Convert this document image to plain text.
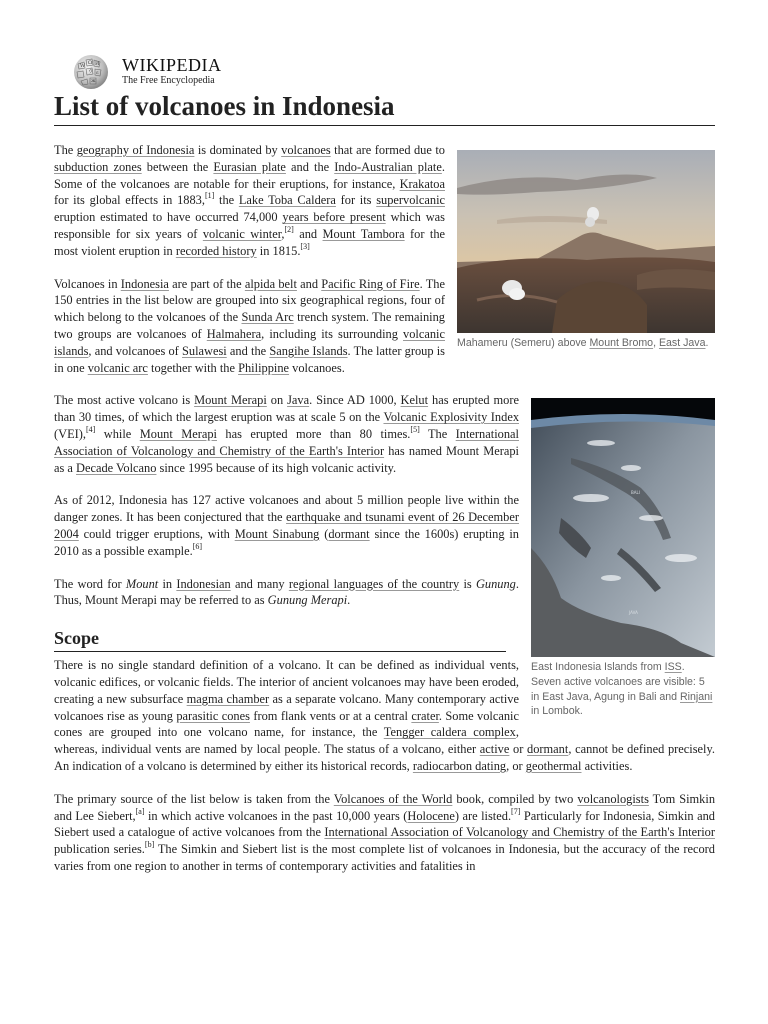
W Ω И
ウ ε
ж
WIKIPEDIA
The Free Encyclopedia
List of volcanoes in Indonesia
Mahameru (Semeru) above Mount Bromo, East Java.

The geography of Indonesia is dominated by volcanoes that are formed due to subduction zones between the Eurasian plate and the Indo-Australian plate. Some of the volcanoes are notable for their eruptions, for instance, Krakatoa for its global effects in 1883,[1] the Lake Toba Caldera for its supervolcanic eruption estimated to have occurred 74,000 years before present which was responsible for six years of volcanic winter,[2] and Mount Tambora for the most violent eruption in recorded history in 1815.[3]

Volcanoes in Indonesia are part of the alpida belt and Pacific Ring of Fire. The 150 entries in the list below are grouped into six geographical regions, four of which belong to the volcanoes of the Sunda Arc trench system. The remaining two groups are volcanoes of Halmahera, including its surrounding volcanic islands, and volcanoes of Sulawesi and the Sangihe Islands. The latter group is in one volcanic arc together with the Philippine volcanoes.

BALI
JAVA
East Indonesia Islands from ISS. Seven active volcanoes are visible: 5 in East Java, Agung in Bali and Rinjani in Lombok.

The most active volcano is Mount Merapi on Java. Since AD 1000, Kelut has erupted more than 30 times, of which the largest eruption was at scale 5 on the Volcanic Explosivity Index (VEI),[4] while Mount Merapi has erupted more than 80 times.[5] The International Association of Volcanology and Chemistry of the Earth's Interior has named Mount Merapi as a Decade Volcano since 1995 because of its high volcanic activity.

As of 2012, Indonesia has 127 active volcanoes and about 5 million people live within the danger zones. It has been conjectured that the earthquake and tsunami event of 26 December 2004 could trigger eruptions, with Mount Sinabung (dormant since the 1600s) erupting in 2010 as a possible example.[6]

The word for Mount in Indonesian and many regional languages of the country is Gunung. Thus, Mount Merapi may be referred to as Gunung Merapi.

Scope

There is no single standard definition of a volcano. It can be defined as individual vents, volcanic edifices, or volcanic fields. The interior of ancient volcanoes may have been eroded, creating a new subsurface magma chamber as a separate volcano. Many contemporary active volcanoes rise as young parasitic cones from flank vents or at a central crater. Some volcanic cones are grouped into one volcano name, for instance, the Tengger caldera complex, whereas, individual vents are named by local people. The status of a volcano, either active or dormant, cannot be defined precisely. An indication of a volcano is determined by either its historical records, radiocarbon dating, or geothermal activities.

The primary source of the list below is taken from the Volcanoes of the World book, compiled by two volcanologists Tom Simkin and Lee Siebert,[a] in which active volcanoes in the past 10,000 years (Holocene) are listed.[7] Particularly for Indonesia, Simkin and Siebert used a catalogue of active volcanoes from the International Association of Volcanology and Chemistry of the Earth's Interior publication series.[b] The Simkin and Siebert list is the most complete list of volcanoes in Indonesia, but the accuracy of the record varies from one region to another in terms of contemporary activities and fatalities in
